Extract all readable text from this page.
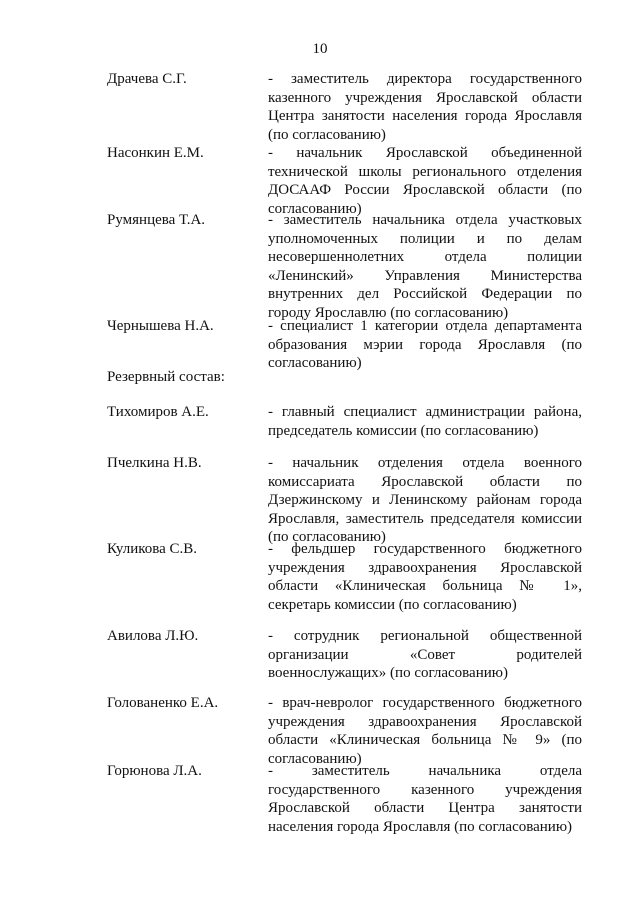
10
Драчева С.Г.	- заместитель директора государственного казенного учреждения Ярославской области Центра занятости населения города Ярославля (по согласованию)
Насонкин Е.М.	- начальник Ярославской объединенной технической школы регионального отделения ДОСААФ России Ярославской области (по согласованию)
Румянцева Т.А.	- заместитель начальника отдела участковых уполномоченных полиции и по делам несовершеннолетних отдела полиции «Ленинский» Управления Министерства внутренних дел Российской Федерации по городу Ярославлю (по согласованию)
Чернышева Н.А.	- специалист 1 категории отдела департамента образования мэрии города Ярославля (по согласованию)
Резервный состав:
Тихомиров А.Е.	- главный специалист администрации района, председатель комиссии (по согласованию)
Пчелкина Н.В.	- начальник отделения отдела военного комиссариата Ярославской области по Дзержинскому и Ленинскому районам города Ярославля, заместитель председателя комиссии (по согласованию)
Куликова С.В.	- фельдшер государственного бюджетного учреждения здравоохранения Ярославской области «Клиническая больница № 1», секретарь комиссии (по согласованию)
Авилова Л.Ю.	- сотрудник региональной общественной организации «Совет родителей военнослужащих» (по согласованию)
Голованенко Е.А.	- врач-невролог государственного бюджетного учреждения здравоохранения Ярославской области «Клиническая больница № 9» (по согласованию)
Горюнова Л.А.	- заместитель начальника отдела государственного казенного учреждения Ярославской области Центра занятости населения города Ярославля (по согласованию)
